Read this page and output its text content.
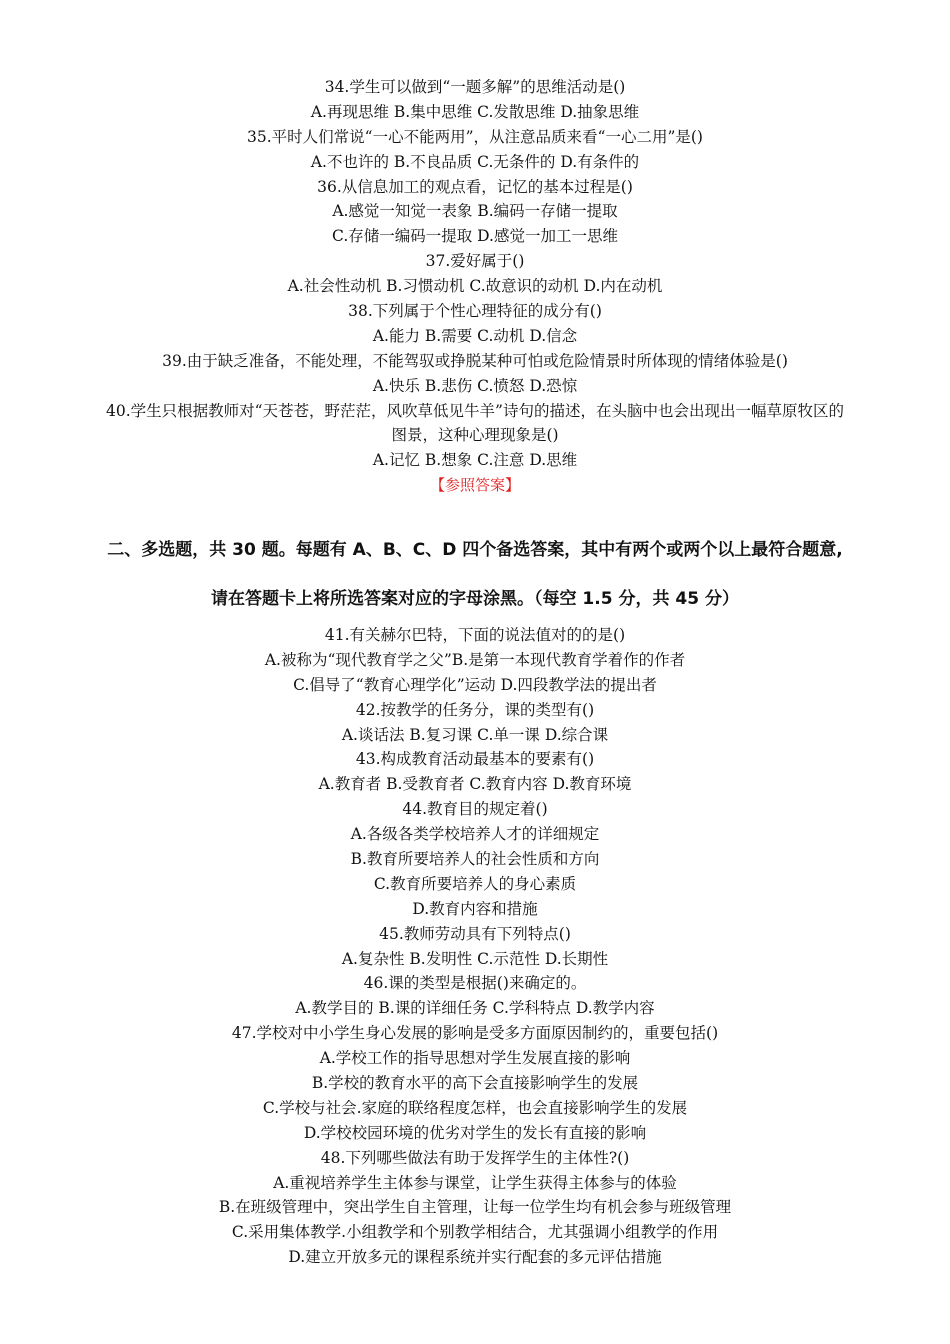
34.学生可以做到“一题多解”的思维活动是()
A.再现思维 B.集中思维 C.发散思维 D.抽象思维
35.平时人们常说“一心不能两用”，从注意品质来看“一心二用”是()
A.不也许的 B.不良品质 C.无条件的 D.有条件的
36.从信息加工的观点看，记忆的基本过程是()
A.感觉一知觉一表象 B.编码一存储一提取
C.存储一编码一提取 D.感觉一加工一思维
37.爱好属于()
A.社会性动机 B.习惯动机 C.故意识的动机 D.内在动机
38.下列属于个性心理特征的成分有()
A.能力 B.需要 C.动机 D.信念
39.由于缺乏准备，不能处理，不能驾驭或挣脱某种可怕或危险情景时所体现的情绪体验是()
A.快乐 B.悲伤 C.愤怒 D.恐惊
40.学生只根据教师对“天苍苍，野茫茫，风吹草低见牛羊”诗句的描述，在头脑中也会出现出一幅草原牧区的
图景，这种心理现象是()
A.记忆 B.想象 C.注意 D.思维
【参照答案】
二、多选题，共 30 题。每题有 A、B、C、D 四个备选答案，其中有两个或两个以上最符合题意,
请在答题卡上将所选答案对应的字母涂黑。（每空 1.5 分，共 45 分）
41.有关赫尔巴特，下面的说法值对的的是()
A.被称为“现代教育学之父”B.是第一本现代教育学着作的作者
C.倡导了“教育心理学化”运动 D.四段教学法的提出者
42.按教学的任务分，课的类型有()
A.谈话法 B.复习课 C.单一课 D.综合课
43.构成教育活动最基本的要素有()
A.教育者 B.受教育者 C.教育内容 D.教育环境
44.教育目的规定着()
A.各级各类学校培养人才的详细规定
B.教育所要培养人的社会性质和方向
C.教育所要培养人的身心素质
D.教育内容和措施
45.教师劳动具有下列特点()
A.复杂性 B.发明性 C.示范性 D.长期性
46.课的类型是根据()来确定的。
A.教学目的 B.课的详细任务 C.学科特点 D.教学内容
47.学校对中小学生身心发展的影响是受多方面原因制约的，重要包括()
A.学校工作的指导思想对学生发展直接的影响
B.学校的教育水平的高下会直接影响学生的发展
C.学校与社会.家庭的联络程度怎样，也会直接影响学生的发展
D.学校校园环境的优劣对学生的发长有直接的影响
48.下列哪些做法有助于发挥学生的主体性?()
A.重视培养学生主体参与课堂，让学生获得主体参与的体验
B.在班级管理中，突出学生自主管理，让每一位学生均有机会参与班级管理
C.采用集体教学.小组教学和个别教学相结合，尤其强调小组教学的作用
D.建立开放多元的课程系统并实行配套的多元评估措施
